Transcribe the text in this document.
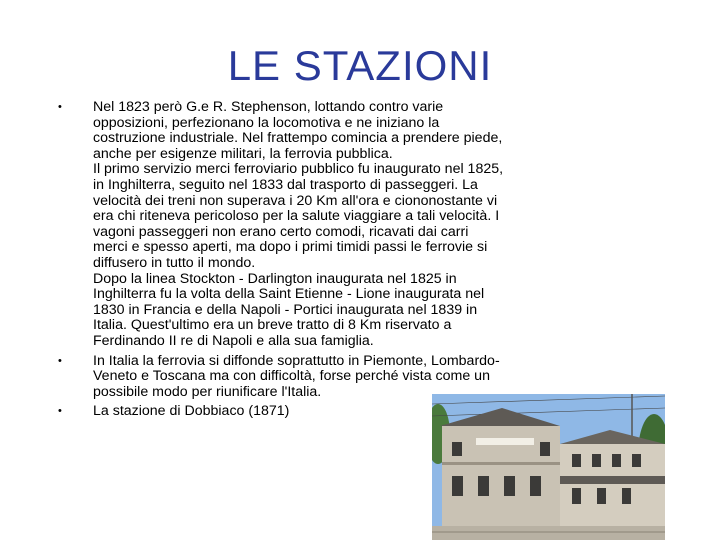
LE STAZIONI
• Nel 1823 però G.e R. Stephenson, lottando contro varie
opposizioni, perfezionano la locomotiva e ne iniziano la
costruzione industriale. Nel frattempo comincia a prendere piede,
anche per esigenze militari, la ferrovia pubblica.
Il primo servizio merci ferroviario pubblico fu inaugurato nel 1825,
in Inghilterra, seguito nel 1833 dal trasporto di passeggeri. La
velocità dei treni non superava i 20 Km all'ora e ciononostante vi
era chi riteneva pericoloso per la salute viaggiare a tali velocità. I
vagoni passeggeri non erano certo comodi, ricavati dai carri
merci e spesso aperti, ma dopo i primi timidi passi le ferrovie si
diffusero in tutto il mondo.
Dopo la linea Stockton - Darlington inaugurata nel 1825 in
Inghilterra fu la volta della Saint Etienne - Lione inaugurata nel
1830 in Francia e della Napoli - Portici inaugurata nel 1839 in
Italia. Quest'ultimo era un breve tratto di 8 Km riservato a
Ferdinando II re di Napoli e alla sua famiglia.
• In Italia la ferrovia si diffonde soprattutto in Piemonte, Lombardo-
Veneto e Toscana ma con difficoltà, forse perché vista come un
possibile modo per riunificare l'Italia.
• La stazione di Dobbiaco (1871)
